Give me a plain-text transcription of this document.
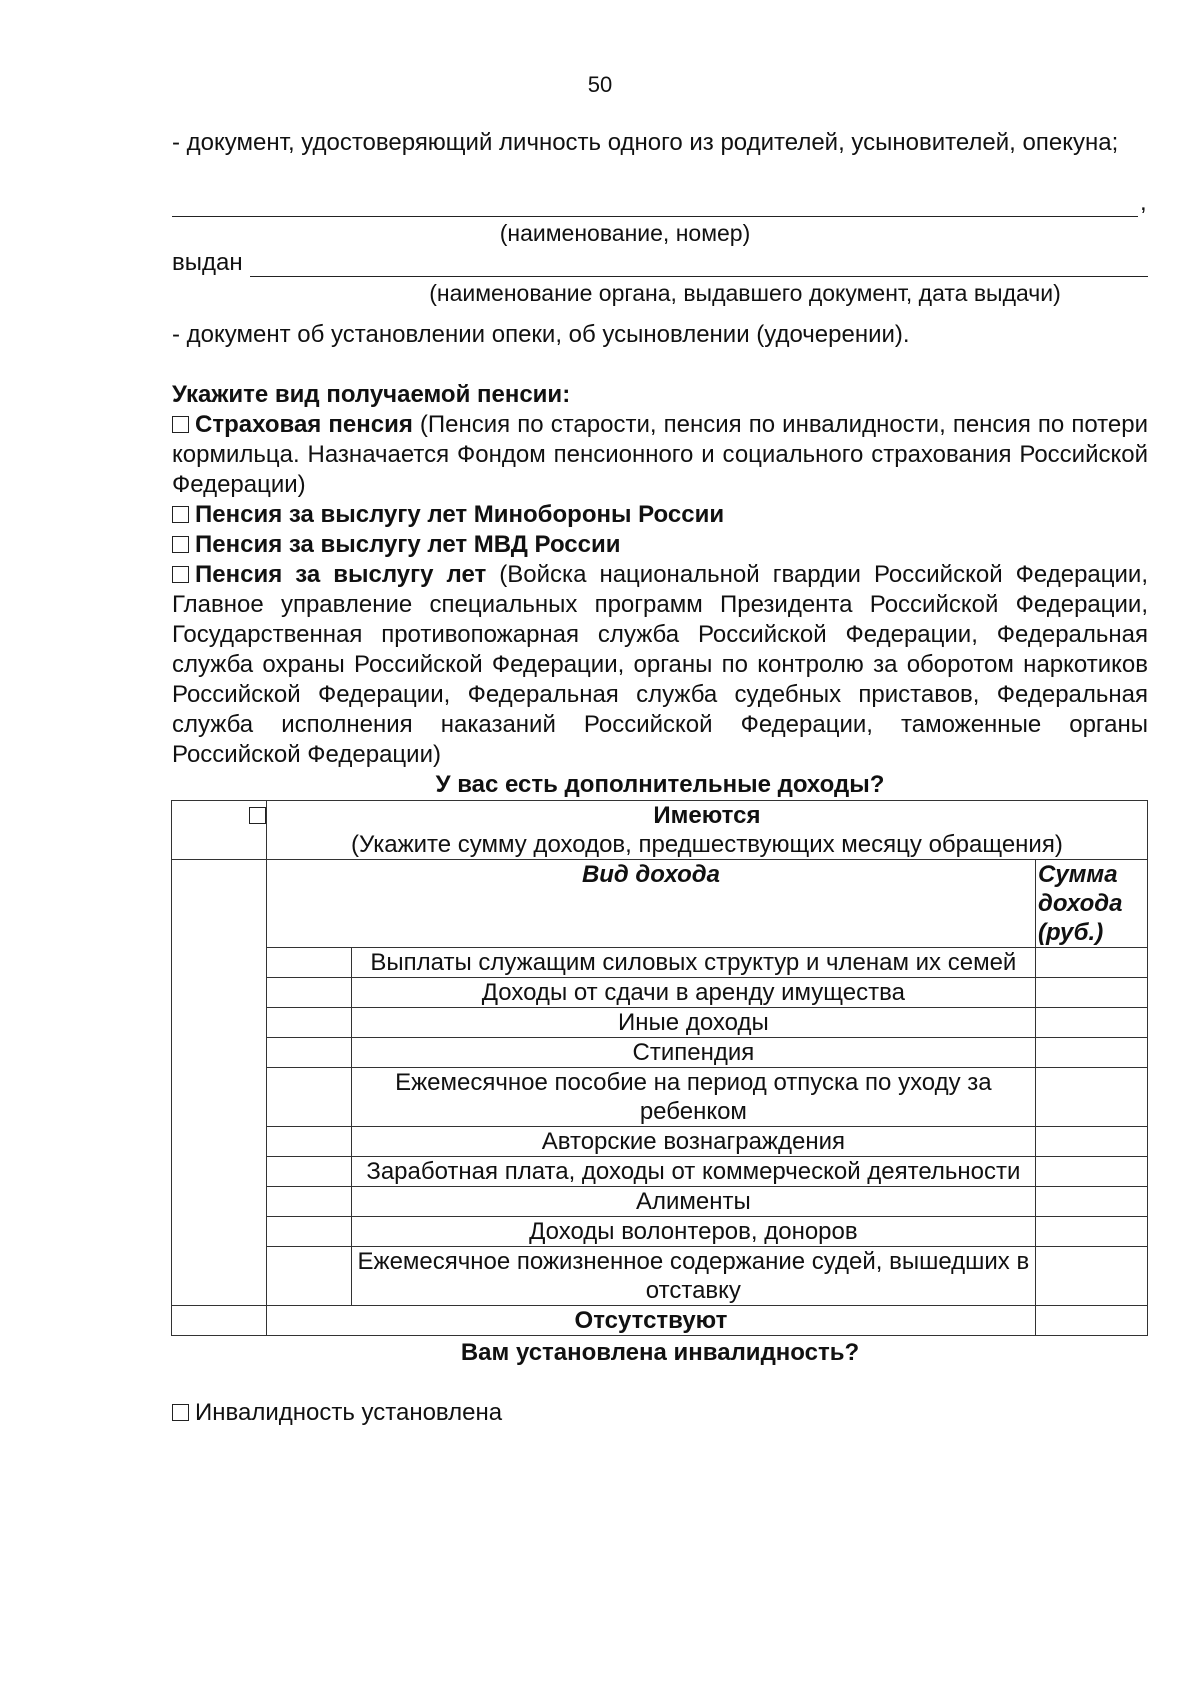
50

- документ, удостоверяющий личность одного из родителей, усыновителей, опекуна;

,
(наименование, номер)
выдан
(наименование органа, выдавшего документ, дата выдачи)

- документ об установлении опеки, об усыновлении (удочерении).

Укажите вид получаемой пенсии:

Страховая пенсия (Пенсия по старости, пенсия по инвалидности, пенсия по потери кормильца. Назначается Фондом пенсионного и социального страхования Российской Федерации)

Пенсия за выслугу лет Минобороны России

Пенсия за выслугу лет МВД России

Пенсия за выслугу лет (Войска национальной гвардии Российской Федерации, Главное управление специальных программ Президента Российской Федерации, Государственная противопожарная служба Российской Федерации, Федеральная служба охраны Российской Федерации, органы по контролю за оборотом наркотиков Российской Федерации, Федеральная служба судебных приставов, Федеральная служба исполнения наказаний Российской Федерации, таможенные органы Российской Федерации)

У вас есть дополнительные доходы?

	Имеются
(Укажите сумму доходов, предшествующих месяцу обращения)		

	Вид дохода		Сумма дохода (руб.)
		Выплаты служащим силовых структур и членам их семей	
		Доходы от сдачи в аренду имущества	
		Иные доходы	
		Стипендия	
		Ежемесячное пособие на период отпуска по уходу за ребенком	
		Авторские вознаграждения	
		Заработная плата, доходы от коммерческой деятельности	
		Алименты	
		Доходы волонтеров, доноров	
		Ежемесячное пожизненное содержание судей, вышедших в отставку	
	Отсутствуют		

Вам установлена инвалидность?

Инвалидность установлена
